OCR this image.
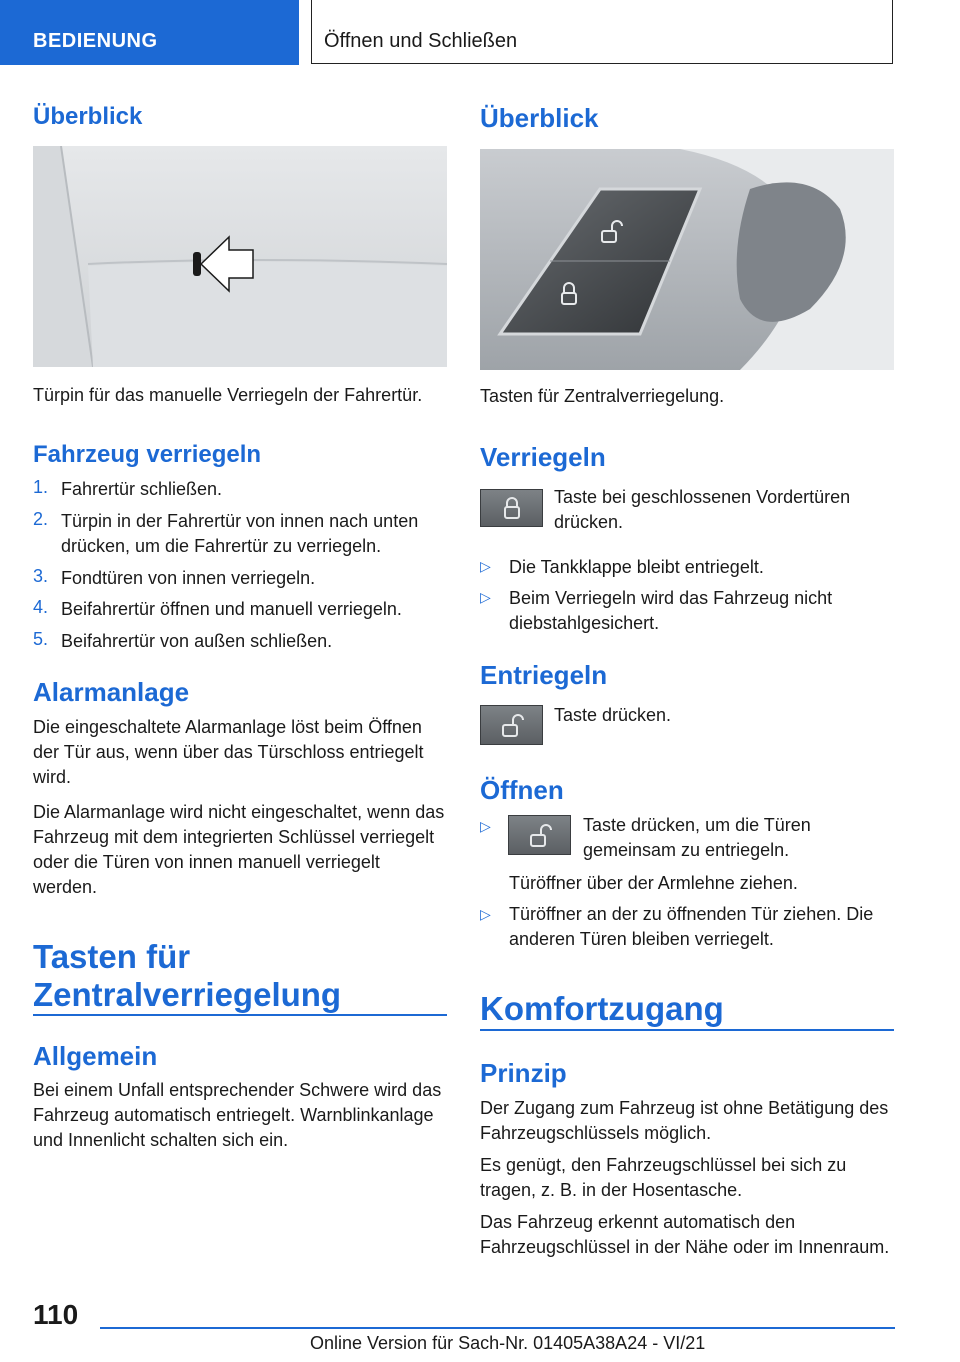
BEDIENUNG	Öffnen und Schließen
Überblick
Türpin für das manuelle Verriegeln der Fahrertür.
Fahrzeug verriegeln
1. Fahrertür schließen.
2. Türpin in der Fahrertür von innen nach unten drücken, um die Fahrertür zu verriegeln.
3. Fondtüren von innen verriegeln.
4. Beifahrertür öffnen und manuell verriegeln.
5. Beifahrertür von außen schließen.
Alarmanlage
Die eingeschaltete Alarmanlage löst beim Öffnen der Tür aus, wenn über das Türschloss entriegelt wird.
Die Alarmanlage wird nicht eingeschaltet, wenn das Fahrzeug mit dem integrierten Schlüssel verriegelt oder die Türen von innen manuell verriegelt werden.
Tasten für Zentralverriegelung
Allgemein
Bei einem Unfall entsprechender Schwere wird das Fahrzeug automatisch entriegelt. Warnblinkanlage und Innenlicht schalten sich ein.
Überblick
Tasten für Zentralverriegelung.
Verriegeln
Taste bei geschlossenen Vordertüren drücken.
▷ Die Tankklappe bleibt entriegelt.
▷ Beim Verriegeln wird das Fahrzeug nicht diebstahlgesichert.
Entriegeln
Taste drücken.
Öffnen
▷	Taste drücken, um die Türen gemeinsam zu entriegeln.
Türöffner über der Armlehne ziehen.
▷ Türöffner an der zu öffnenden Tür ziehen. Die anderen Türen bleiben verriegelt.
Komfortzugang
Prinzip
Der Zugang zum Fahrzeug ist ohne Betätigung des Fahrzeugschlüssels möglich.
Es genügt, den Fahrzeugschlüssel bei sich zu tragen, z. B. in der Hosentasche.
Das Fahrzeug erkennt automatisch den Fahrzeugschlüssel in der Nähe oder im Innenraum.
110
Online Version für Sach-Nr. 01405A38A24 - VI/21
